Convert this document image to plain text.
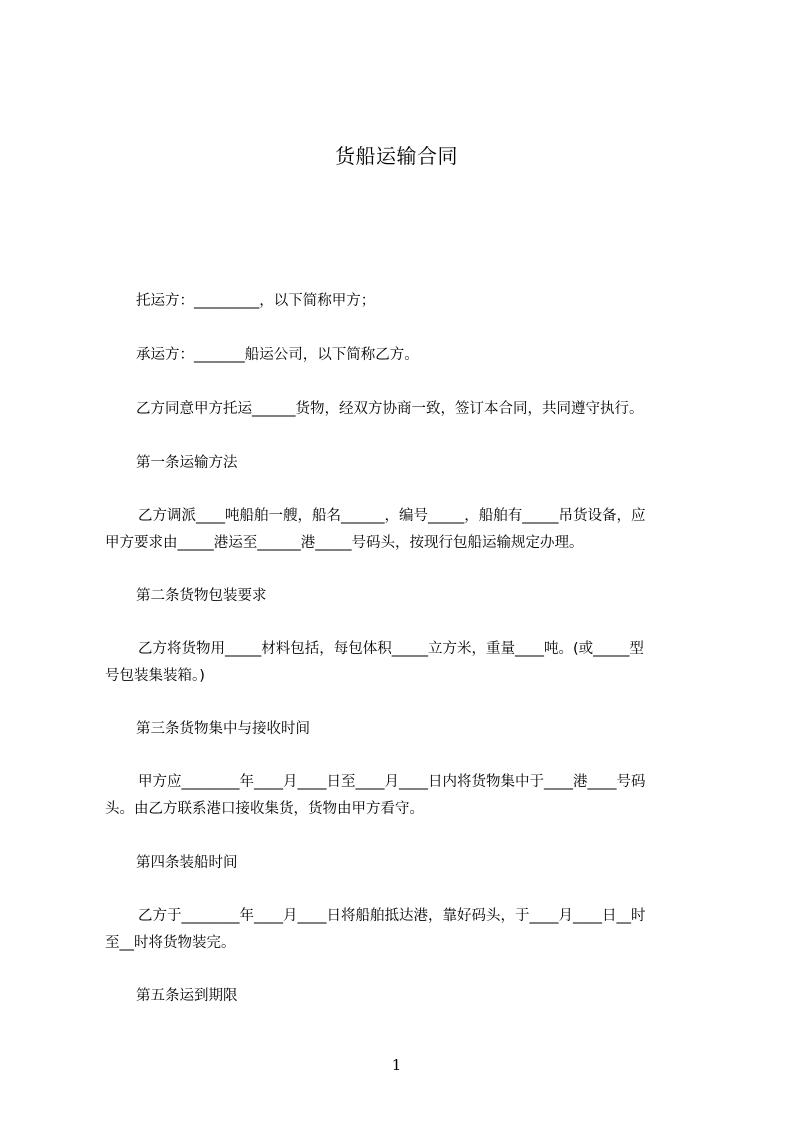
货船运输合同
托运方：_________，以下简称甲方；
承运方：_______船运公司，以下简称乙方。
乙方同意甲方托运______货物，经双方协商一致，签订本合同，共同遵守执行。
第一条运输方法
乙方调派____吨船舶一艘，船名______，编号_____，船舶有_____吊货设备，应
甲方要求由_____港运至______港_____号码头，按现行包船运输规定办理。
第二条货物包装要求
乙方将货物用_____材料包括，每包体积_____立方米，重量____吨。(或_____型
号包装集装箱。)
第三条货物集中与接收时间
甲方应________年____月____日至____月____日内将货物集中于____港____号码
头。由乙方联系港口接收集货，货物由甲方看守。
第四条装船时间
乙方于________年____月____日将船舶抵达港，靠好码头，于____月____日__时
至__时将货物装完。
第五条运到期限
1
